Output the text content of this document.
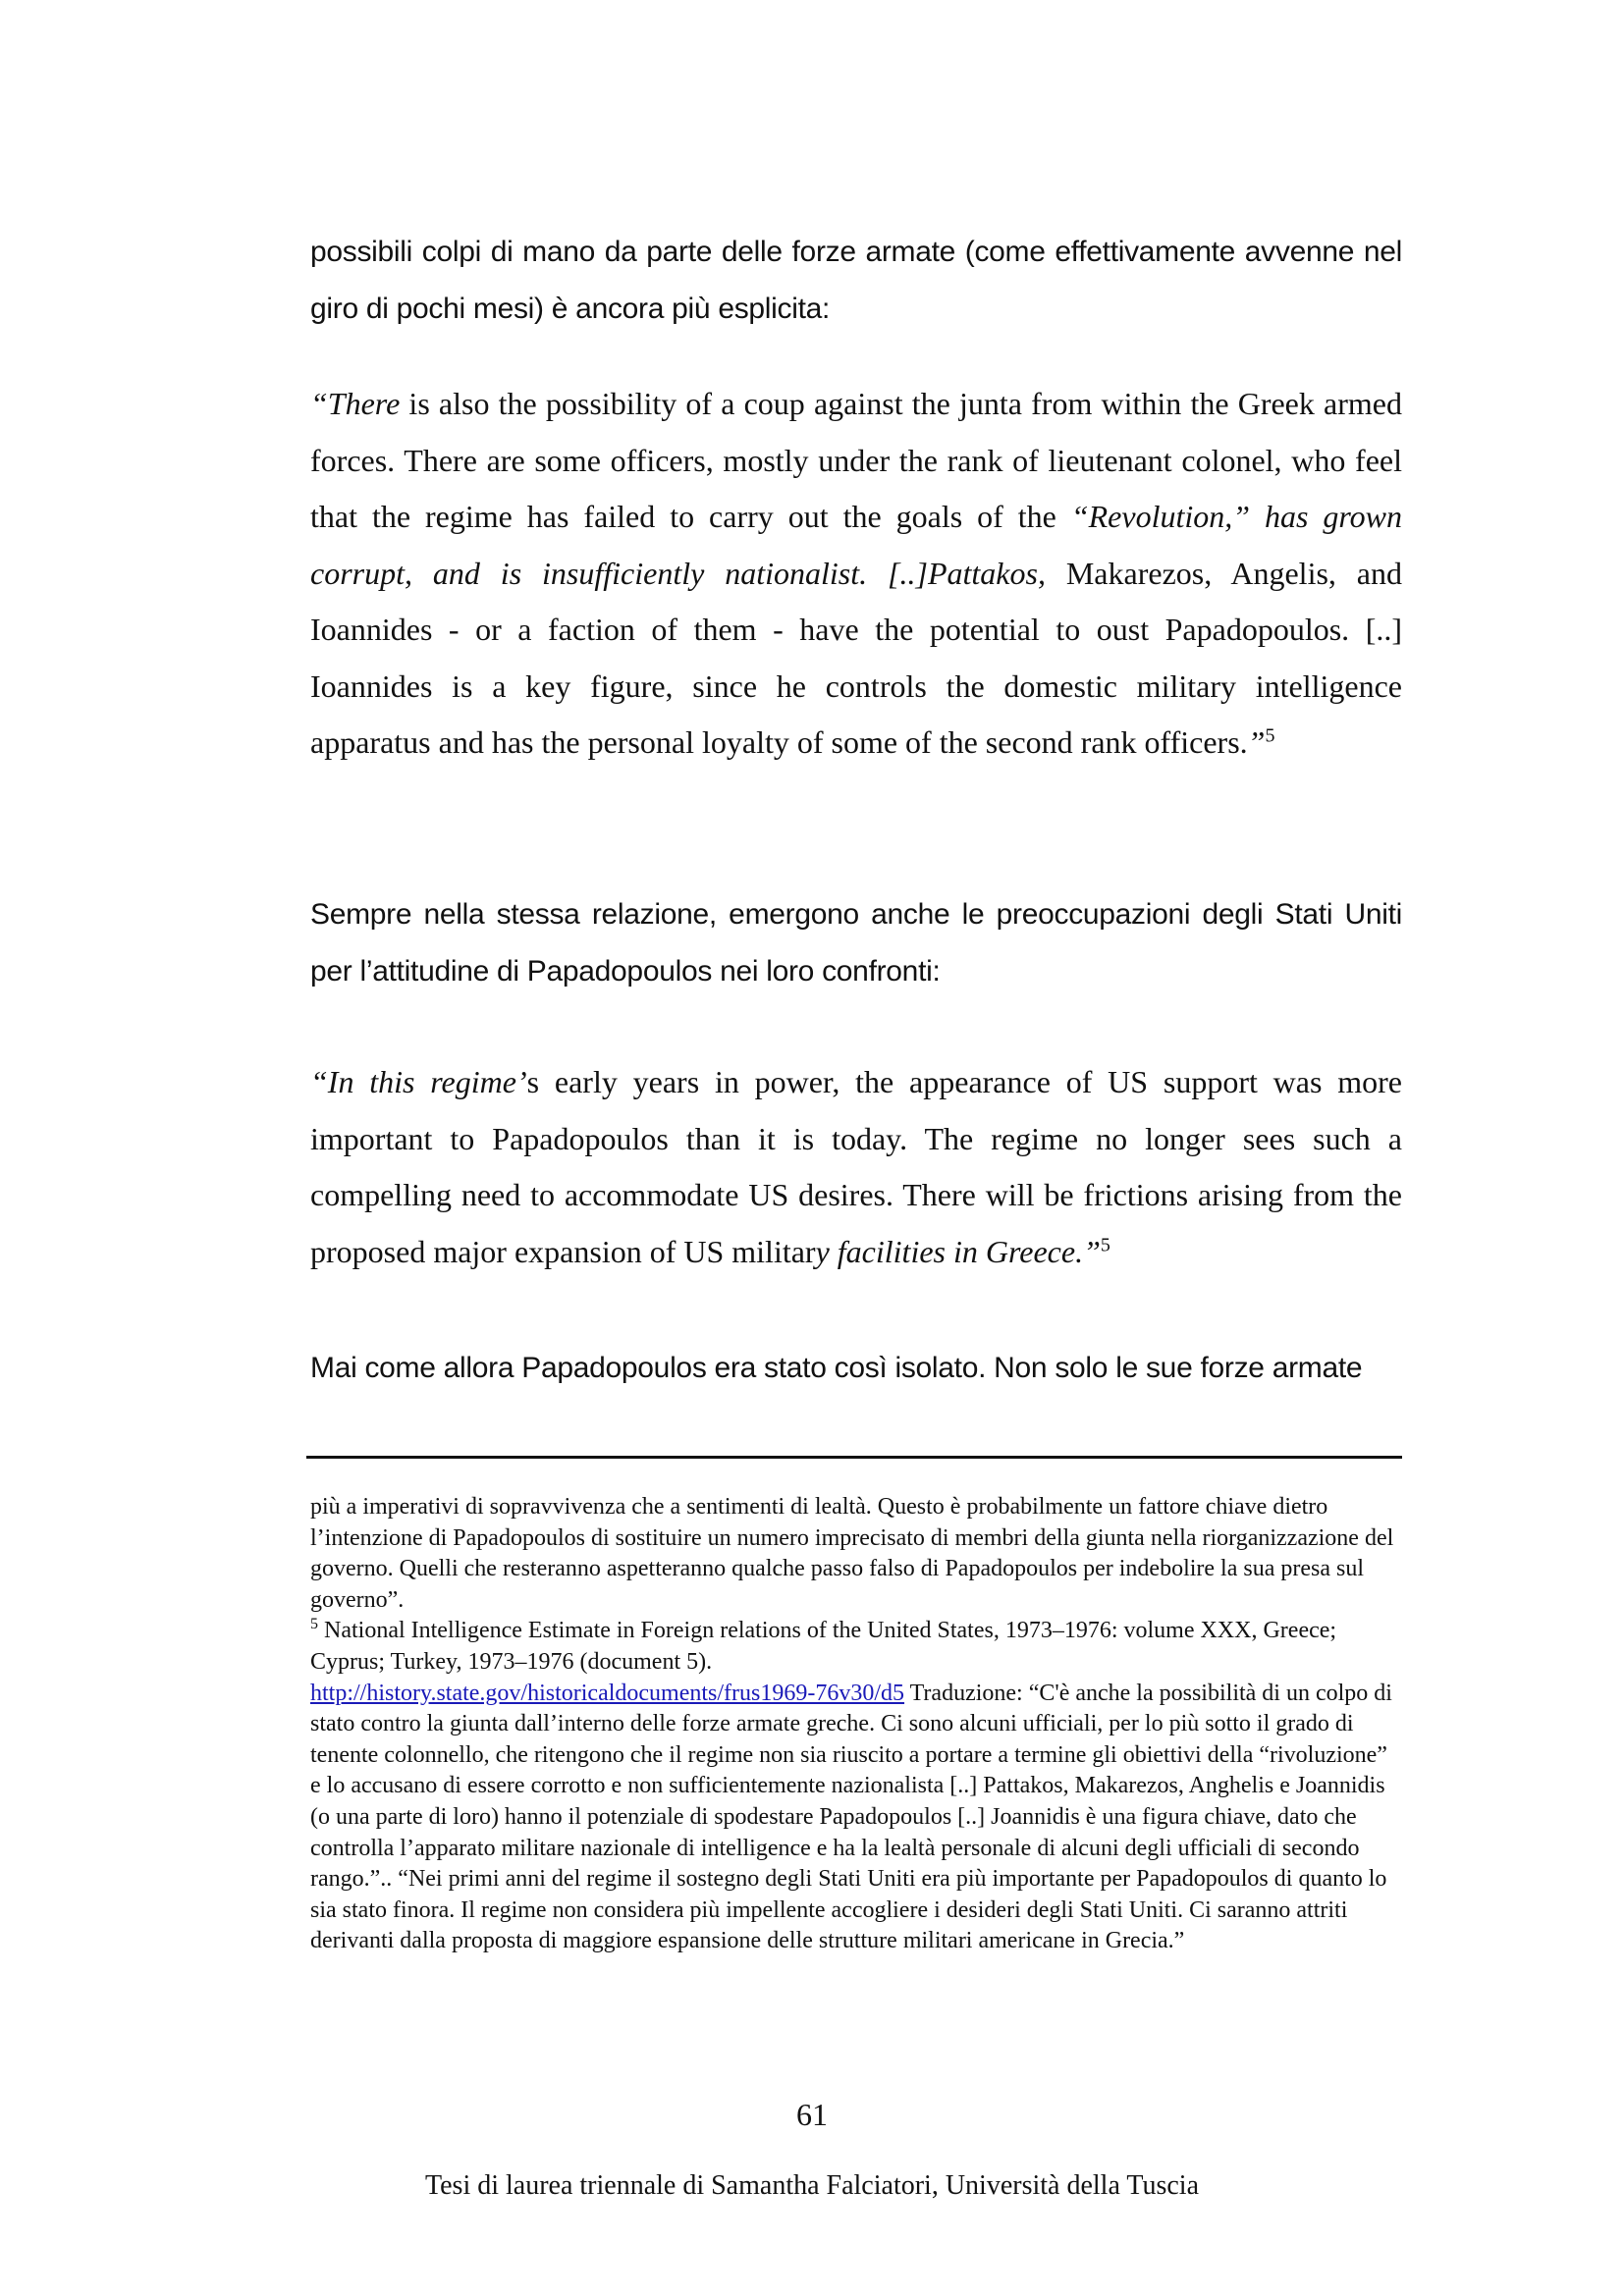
possibili colpi di mano da parte delle forze armate (come effettivamente avvenne nel giro di pochi mesi) è ancora più esplicita:

“There is also the possibility of a coup against the junta from within the Greek armed forces. There are some officers, mostly under the rank of lieutenant colonel, who feel that the regime has failed to carry out the goals of the “Revolution,” has grown corrupt, and is insufficiently nationalist. [..]Pattakos, Makarezos, Angelis, and Ioannides - or a faction of them - have the potential to oust Papadopoulos. [..] Ioannides is a key figure, since he controls the domestic military intelligence apparatus and has the personal loyalty of some of the second rank officers.”$^5$

Sempre nella stessa relazione, emergono anche le preoccupazioni degli Stati Uniti per l’attitudine di Papadopoulos nei loro confronti:

“In this regime’s early years in power, the appearance of US support was more important to Papadopoulos than it is today. The regime no longer sees such a compelling need to accommodate US desires. There will be frictions arising from the proposed major expansion of US military facilities in Greece.”$^5$

Mai come allora Papadopoulos era stato così isolato. Non solo le sue forze armate

più a imperativi di sopravvivenza che a sentimenti di lealtà. Questo è probabilmente un fattore chiave dietro l’intenzione di Papadopoulos di sostituire un numero imprecisato di membri della giunta nella riorganizzazione del governo. Quelli che resteranno aspetteranno qualche passo falso di Papadopoulos per indebolire la sua presa sul governo”.

$^5$ National Intelligence Estimate in Foreign relations of the United States, 1973–1976: volume XXX, Greece; Cyprus; Turkey, 1973–1976 (document 5).
http://history.state.gov/historicaldocuments/frus1969-76v30/d5 Traduzione: “C'è anche la possibilità di un colpo di stato contro la giunta dall’interno delle forze armate greche. Ci sono alcuni ufficiali, per lo più sotto il grado di tenente colonnello, che ritengono che il regime non sia riuscito a portare a termine gli obiettivi della “rivoluzione” e lo accusano di essere corrotto e non sufficientemente nazionalista [..] Pattakos, Makarezos, Anghelis e Joannidis (o una parte di loro) hanno il potenziale di spodestare Papadopoulos [..] Joannidis è una figura chiave, dato che controlla l’apparato militare nazionale di intelligence e ha la lealtà personale di alcuni degli ufficiali di secondo rango.”.. “Nei primi anni del regime il sostegno degli Stati Uniti era più importante per Papadopoulos di quanto lo sia stato finora. Il regime non considera più impellente accogliere i desideri degli Stati Uniti. Ci saranno attriti derivanti dalla proposta di maggiore espansione delle strutture militari americane in Grecia.”

61
Tesi di laurea triennale di Samantha Falciatori, Università della Tuscia
